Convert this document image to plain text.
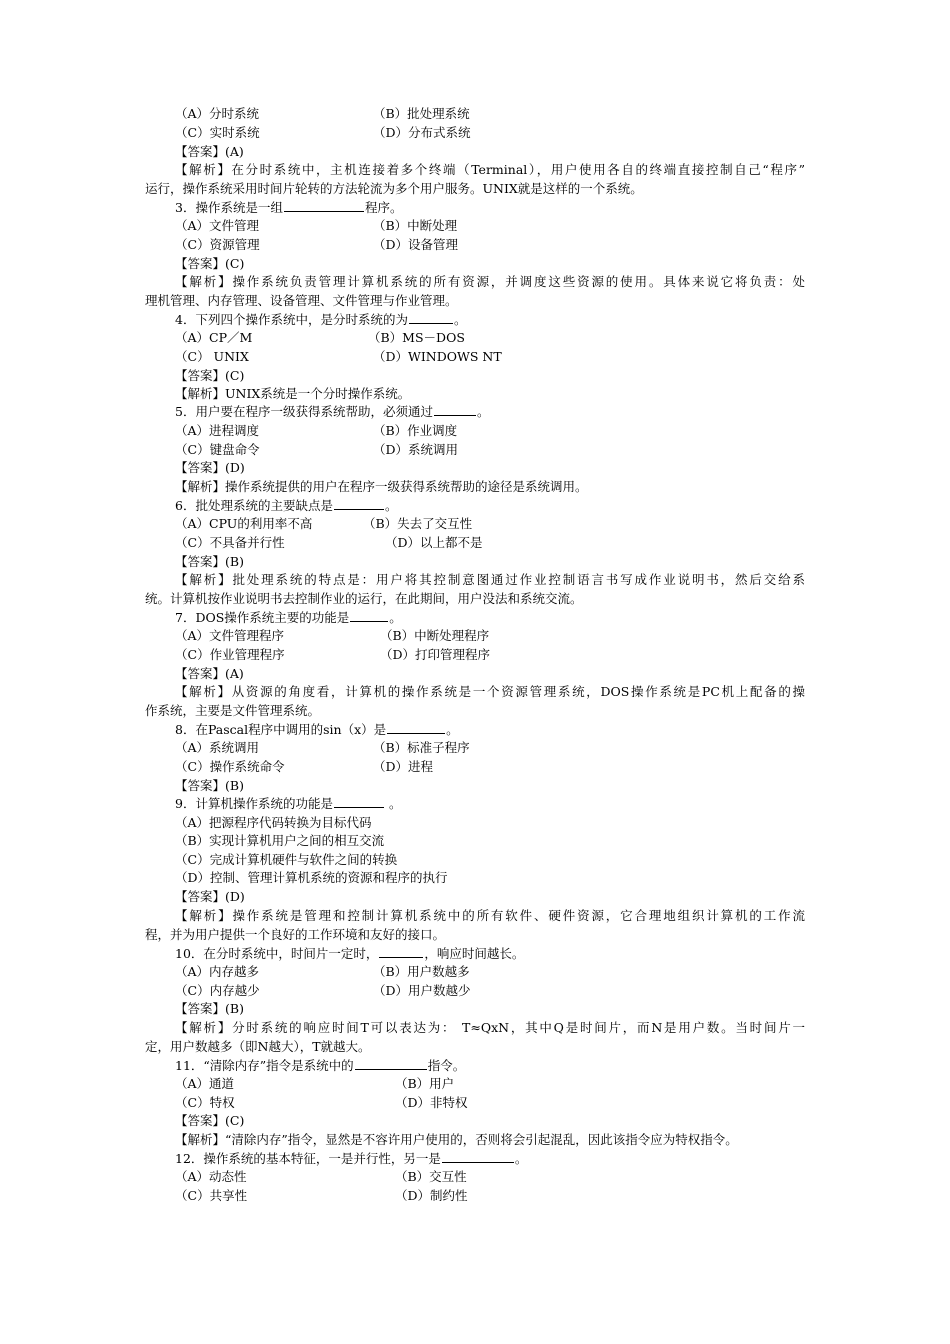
（A）分时系统	（B）批处理系统
（C）实时系统	（D）分布式系统
【答案】(A)
【解析】在分时系统中，主机连接着多个终端（Terminal），用户使用各自的终端直接控制自己“程序”
运行，操作系统采用时间片轮转的方法轮流为多个用户服务。UNIX就是这样的一个系统。
3．操作系统是一组	程序。
（A）文件管理	（B）中断处理
（C）资源管理	（D）设备管理
【答案】(C)
【解析】操作系统负责管理计算机系统的所有资源，并调度这些资源的使用。具体来说它将负责：处
理机管理、内存管理、设备管理、文件管理与作业管理。
4．下列四个操作系统中，是分时系统的为	。
（A）CP／M	（B）MS－DOS
（C） UNIX	（D）WINDOWS NT
【答案】(C)
【解析】UNIX系统是一个分时操作系统。
5．用户要在程序一级获得系统帮助，必须通过	。
（A）进程调度	（B）作业调度
（C）键盘命令	（D）系统调用
【答案】(D)
【解析】操作系统提供的用户在程序一级获得系统帮助的途径是系统调用。
6．批处理系统的主要缺点是	。
（A）CPU的利用率不高	（B）失去了交互性
（C）不具备并行性	（D）以上都不是
【答案】(B)
【解析】批处理系统的特点是：用户将其控制意图通过作业控制语言书写成作业说明书，然后交给系
统。计算机按作业说明书去控制作业的运行，在此期间，用户没法和系统交流。
7．DOS操作系统主要的功能是	。
（A）文件管理程序	（B）中断处理程序
（C）作业管理程序	（D）打印管理程序
【答案】(A)
【解析】从资源的角度看，计算机的操作系统是一个资源管理系统，DOS操作系统是PC机上配备的操
作系统，主要是文件管理系统。
8．在Pascal程序中调用的sin（x）是	。
（A）系统调用	（B）标准子程序
（C）操作系统命令	（D）进程
【答案】(B)
9．计算机操作系统的功能是	。
（A）把源程序代码转换为目标代码
（B）实现计算机用户之间的相互交流
（C）完成计算机硬件与软件之间的转换
（D）控制、管理计算机系统的资源和程序的执行
【答案】(D)
【解析】操作系统是管理和控制计算机系统中的所有软件、硬件资源，它合理地组织计算机的工作流
程，并为用户提供一个良好的工作环境和友好的接口。
10．在分时系统中，时间片一定时，	，响应时间越长。
（A）内存越多	（B）用户数越多
（C）内存越少	（D）用户数越少
【答案】(B)
【解析】分时系统的响应时间T可以表达为： T≈QxN，其中Q是时间片，而N是用户数。当时间片一
定，用户数越多（即N越大），T就越大。
11．“清除内存”指令是系统中的	指令。
（A）通道	（B）用户
（C）特权	（D）非特权
【答案】(C)
【解析】“清除内存”指令，显然是不容许用户使用的，否则将会引起混乱，因此该指令应为特权指令。
12．操作系统的基本特征，一是并行性，另一是	。
（A）动态性	（B）交互性
（C）共享性	（D）制约性
